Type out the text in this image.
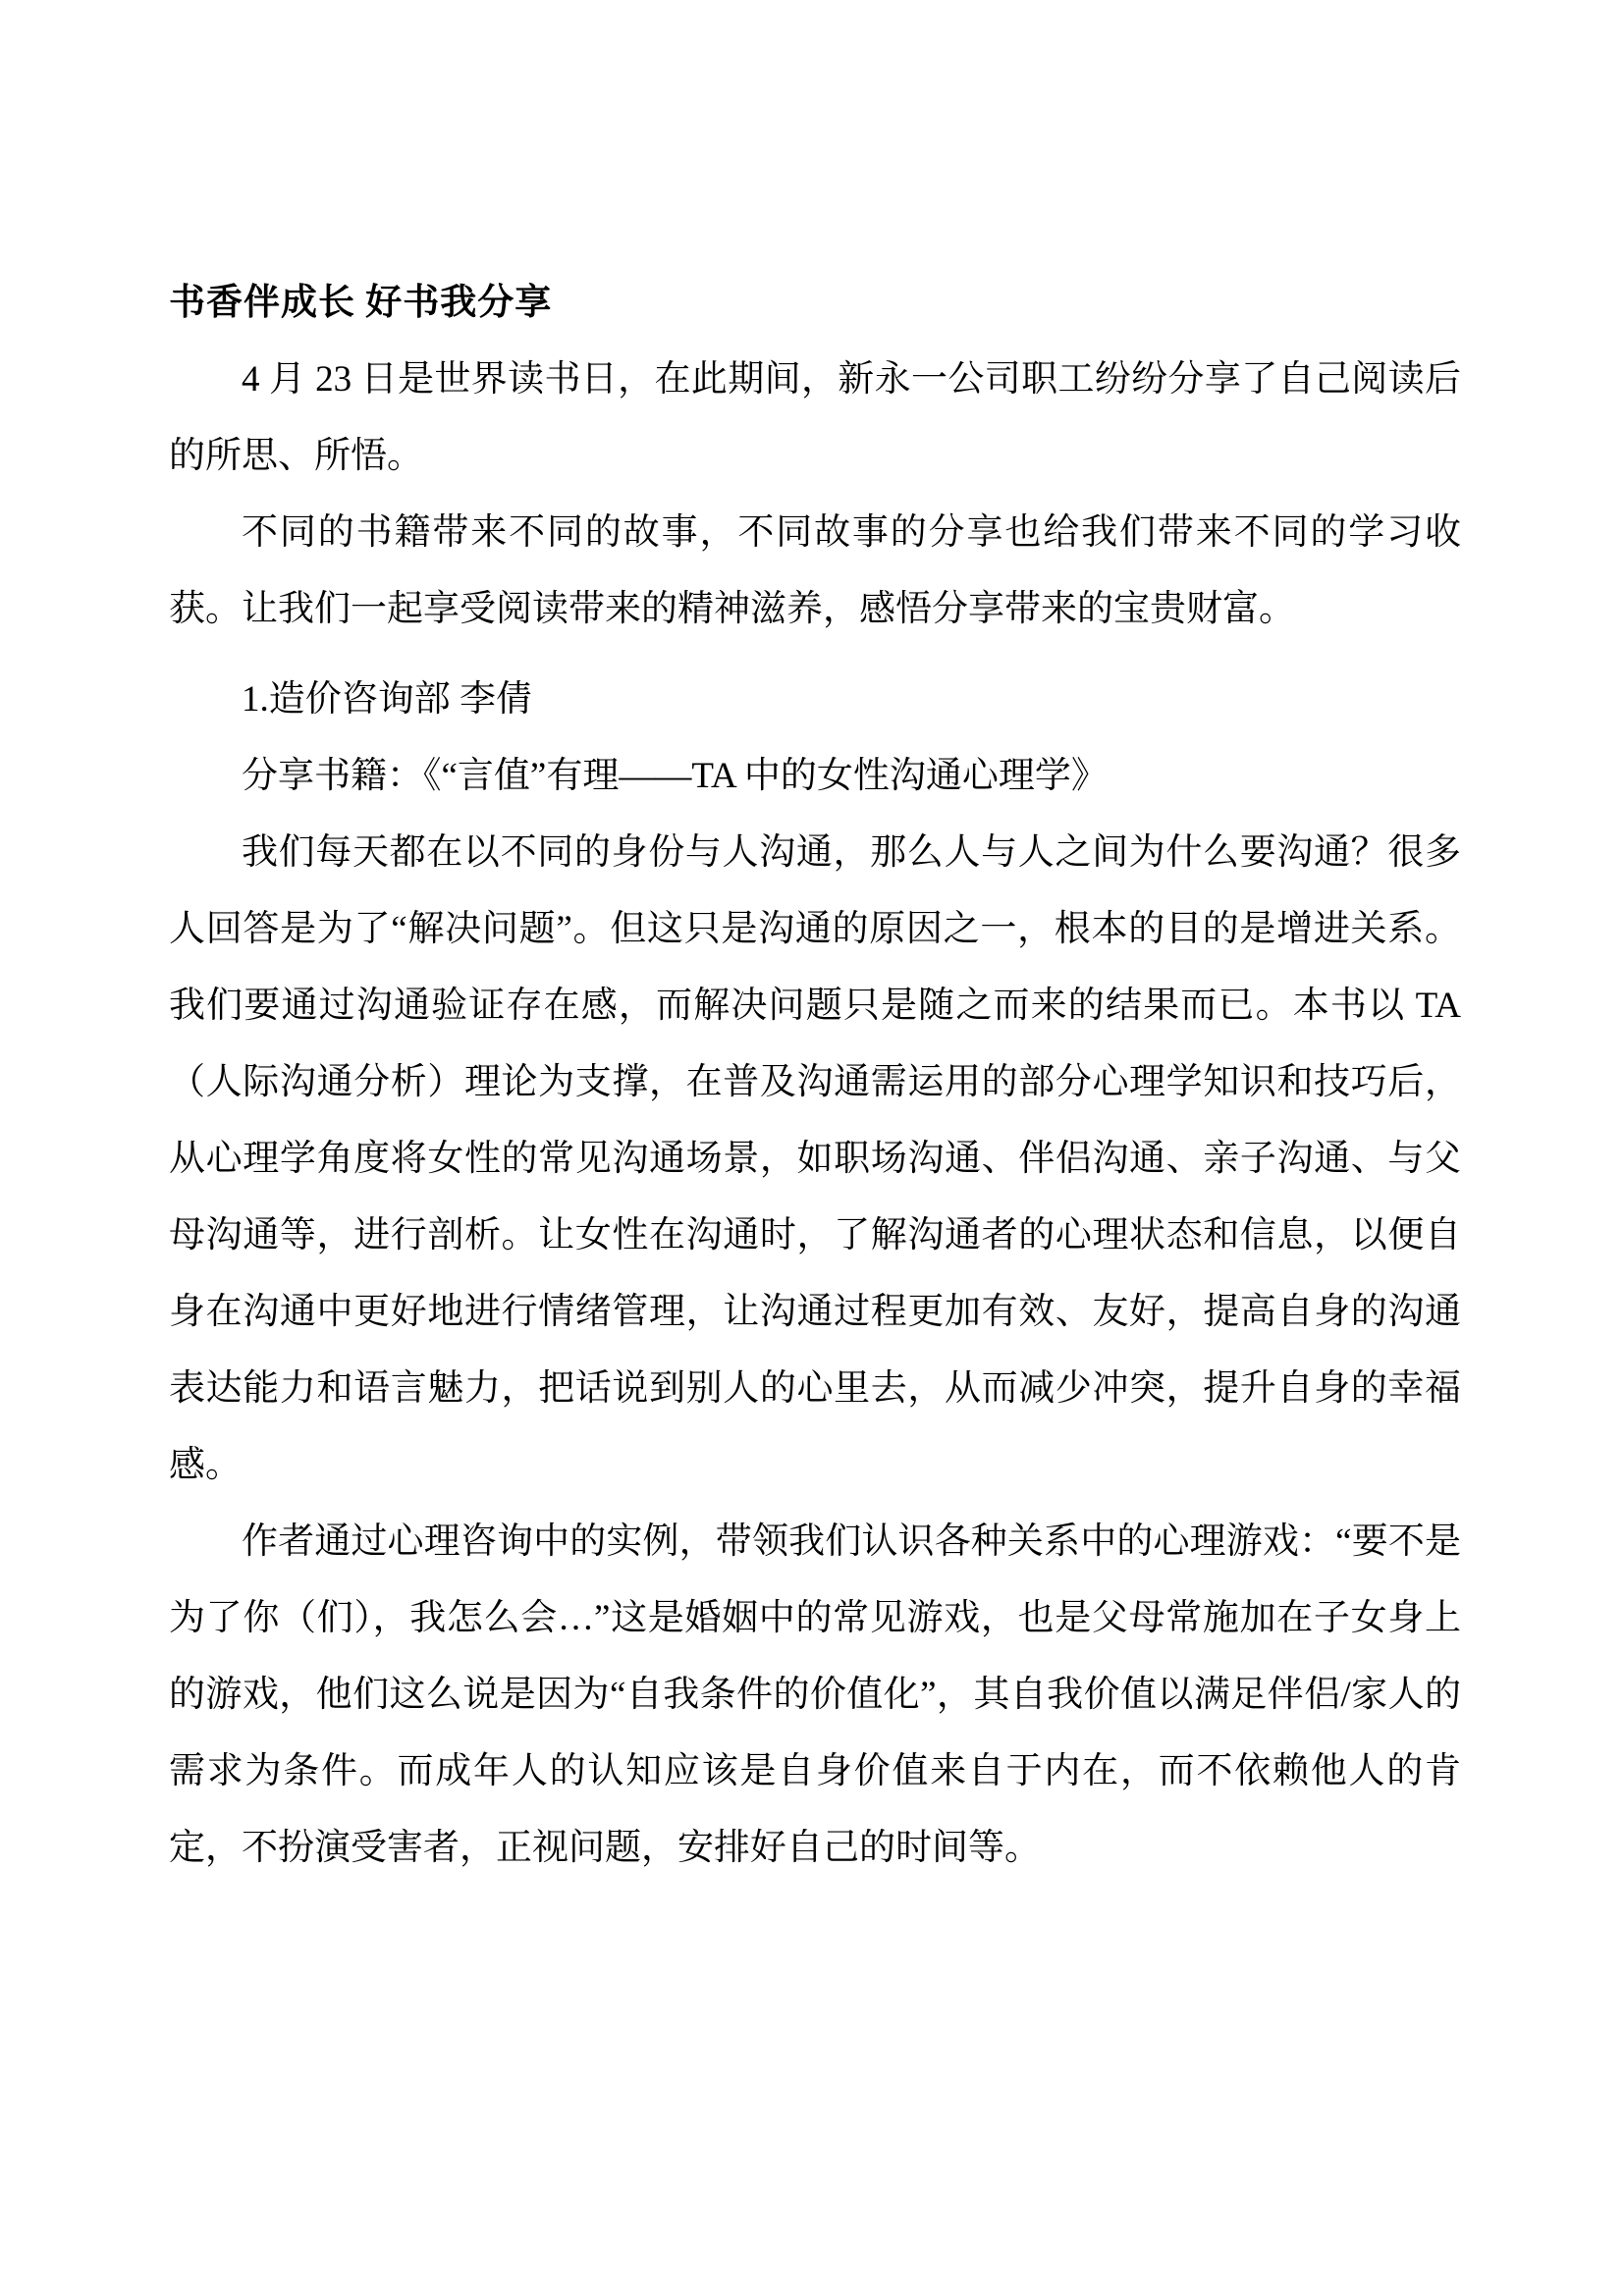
书香伴成长 好书我分享

4 月 23 日是世界读书日，在此期间，新永一公司职工纷纷分享了自己阅读后的所思、所悟。

不同的书籍带来不同的故事，不同故事的分享也给我们带来不同的学习收获。让我们一起享受阅读带来的精神滋养，感悟分享带来的宝贵财富。

1.造价咨询部 李倩

分享书籍：《“言值”有理——TA 中的女性沟通心理学》

我们每天都在以不同的身份与人沟通，那么人与人之间为什么要沟通？很多人回答是为了“解决问题”。但这只是沟通的原因之一，根本的目的是增进关系。我们要通过沟通验证存在感，而解决问题只是随之而来的结果而已。本书以 TA（人际沟通分析）理论为支撑，在普及沟通需运用的部分心理学知识和技巧后，从心理学角度将女性的常见沟通场景，如职场沟通、伴侣沟通、亲子沟通、与父母沟通等，进行剖析。让女性在沟通时，了解沟通者的心理状态和信息，以便自身在沟通中更好地进行情绪管理，让沟通过程更加有效、友好，提高自身的沟通表达能力和语言魅力，把话说到别人的心里去，从而减少冲突，提升自身的幸福感。

作者通过心理咨询中的实例，带领我们认识各种关系中的心理游戏：“要不是为了你（们），我怎么会…”这是婚姻中的常见游戏，也是父母常施加在子女身上的游戏，他们这么说是因为“自我条件的价值化”，其自我价值以满足伴侣/家人的需求为条件。而成年人的认知应该是自身价值来自于内在，而不依赖他人的肯定，不扮演受害者，正视问题，安排好自己的时间等。
